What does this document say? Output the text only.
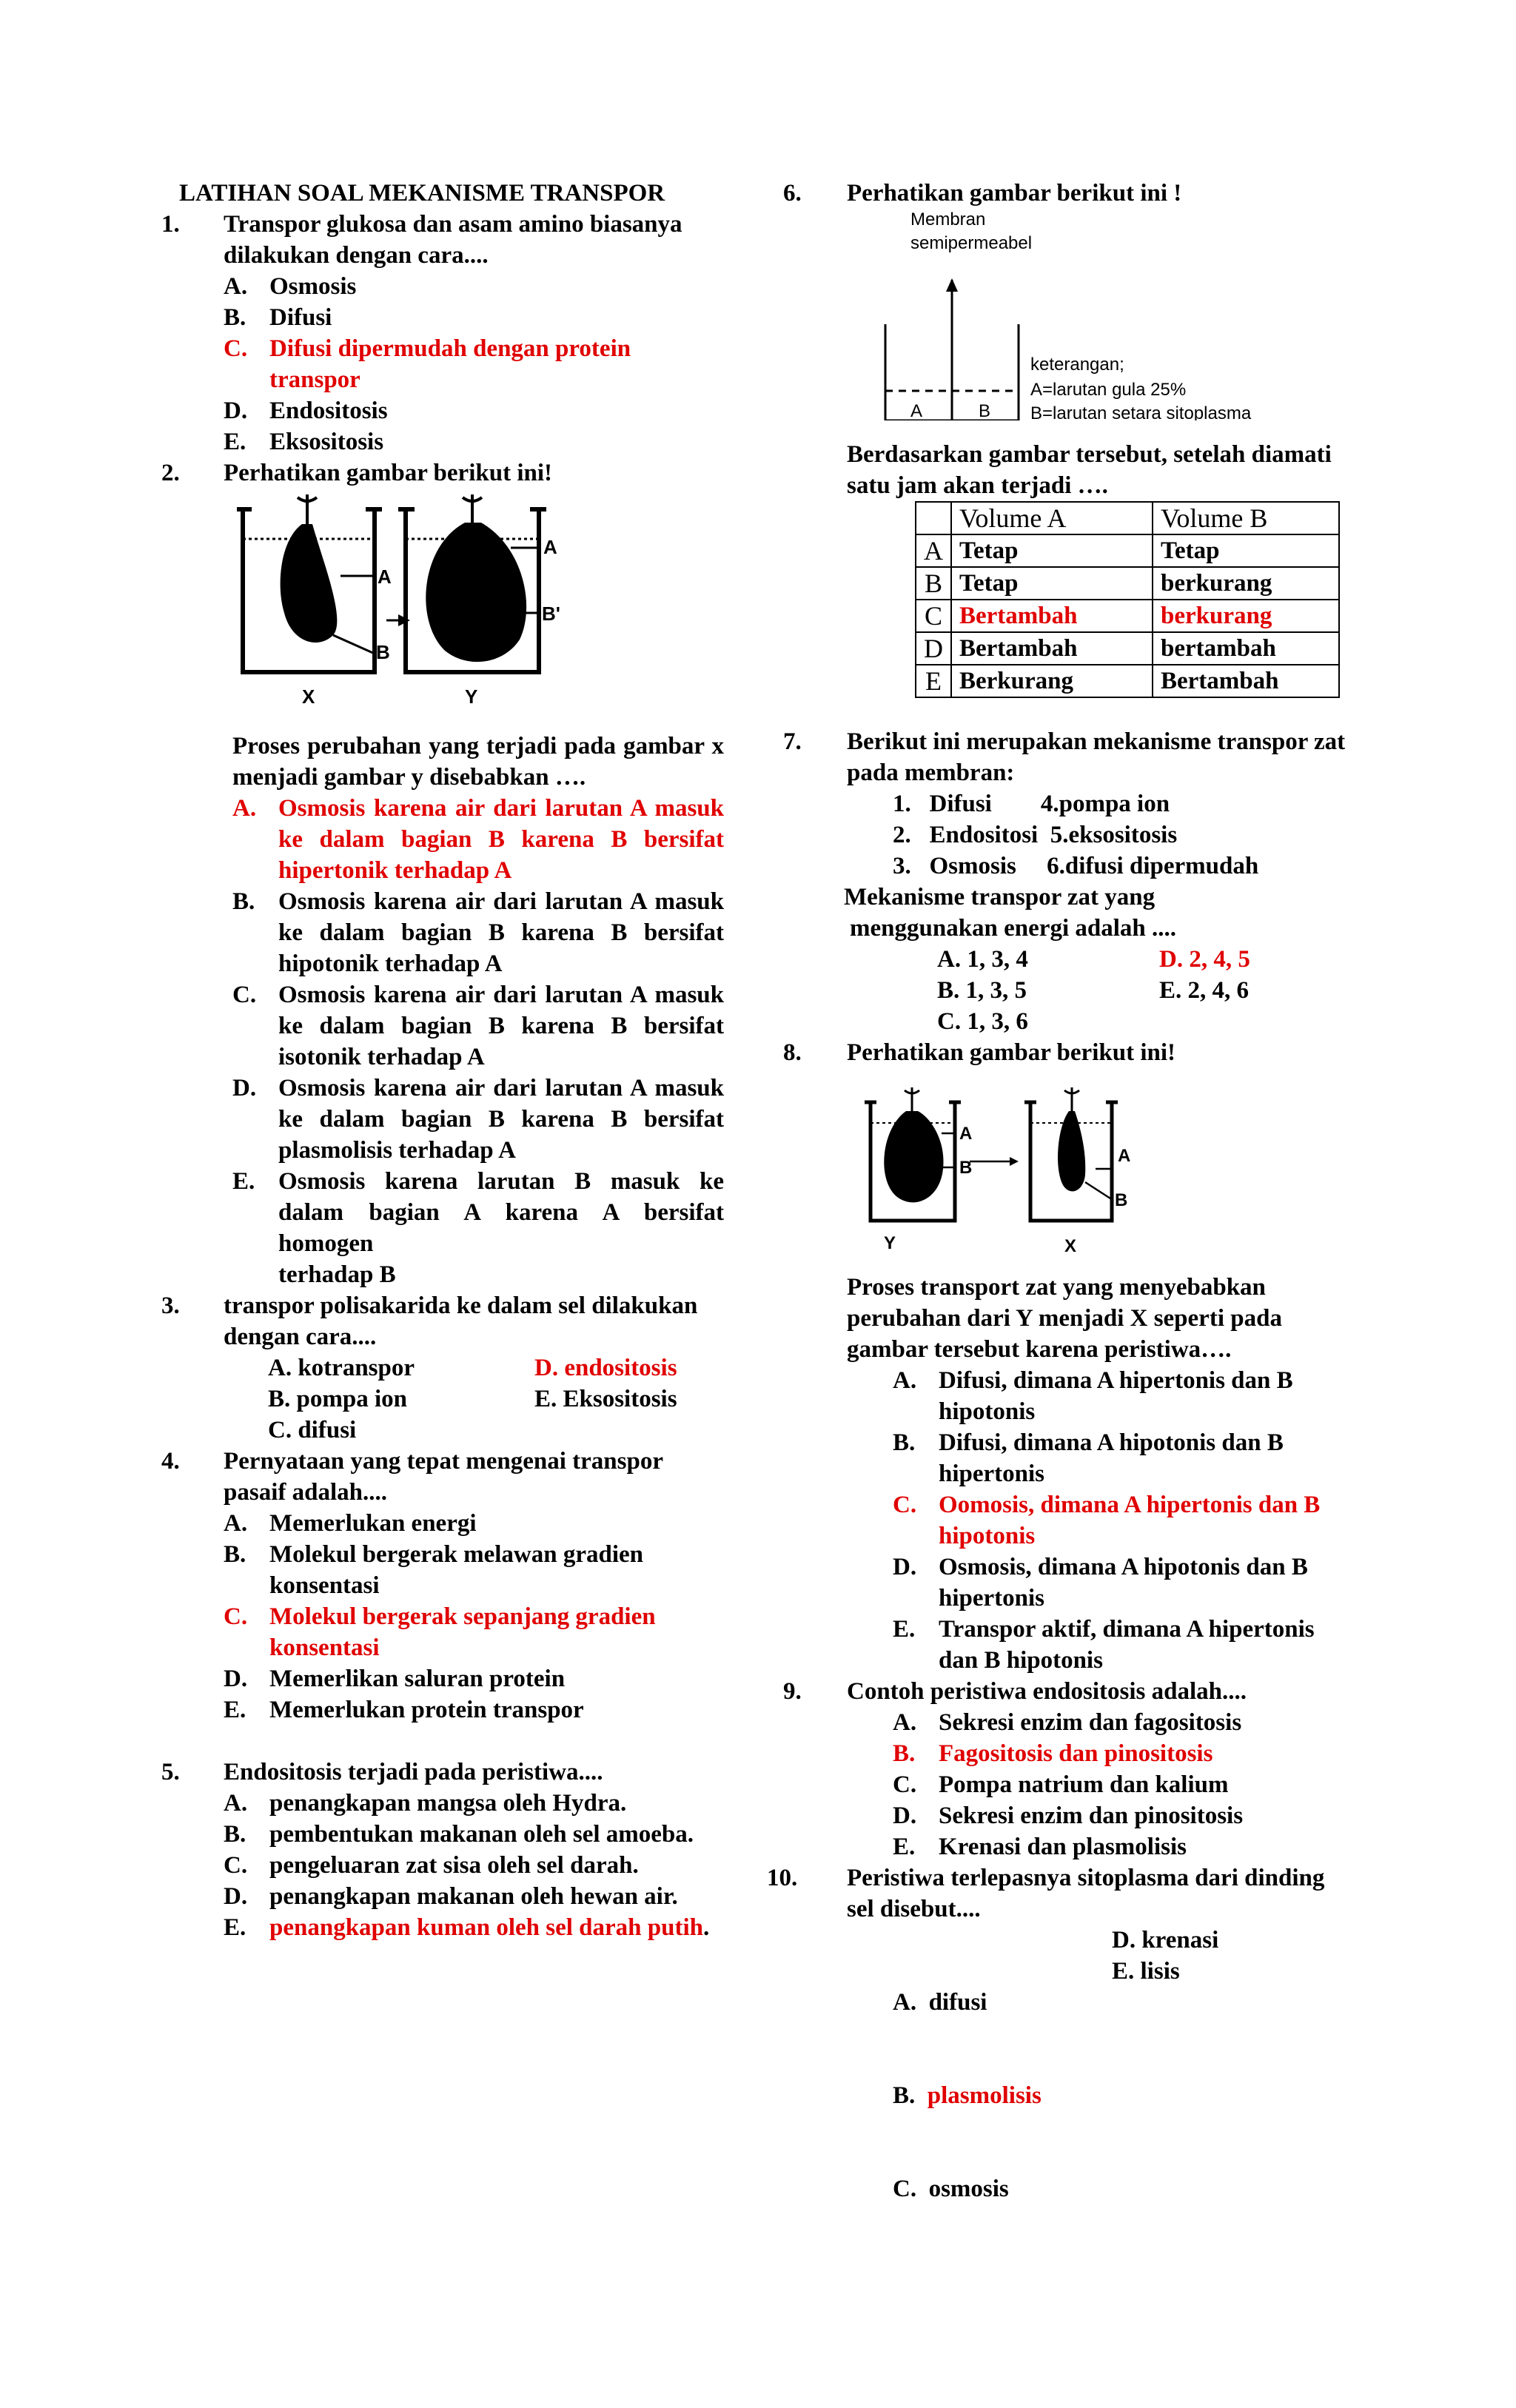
LATIHAN SOAL MEKANISME TRANSPOR
1. Transpor glukosa dan asam amino biasanya dilakukan dengan cara....
A. Osmosis
B. Difusi
C. Difusi dipermudah dengan protein transpor
D. Endositosis
E. Eksositosis
2. Perhatikan gambar berikut ini!
A
B
A
B'
X	Y
Proses perubahan yang terjadi pada gambar x menjadi gambar y disebabkan ….
A. Osmosis karena air dari larutan A masuk ke dalam bagian B karena B bersifat hipertonik terhadap A
B. Osmosis karena air dari larutan A masuk ke dalam bagian B karena B bersifat hipotonik terhadap A
C. Osmosis karena air dari larutan A masuk ke dalam bagian B karena B bersifat isotonik terhadap A
D. Osmosis karena air dari larutan A masuk ke dalam bagian B karena B bersifat plasmolisis terhadap A
E. Osmosis karena larutan B masuk ke dalam bagian A karena A bersifat homogen
terhadap B
3. transpor polisakarida ke dalam sel dilakukan dengan cara....
A. kotranspor
B. pompa ion
C. difusi
D. endositosis
E. Eksositosis
4. Pernyataan yang tepat mengenai transpor pasaif adalah....
A. Memerlukan energi
B. Molekul bergerak melawan gradien konsentasi
C. Molekul bergerak sepanjang gradien konsentasi
D. Memerlikan saluran protein
E. Memerlukan protein transpor
5. Endositosis terjadi pada peristiwa....
A. penangkapan mangsa oleh Hydra.
B. pembentukan makanan oleh sel amoeba.
C. pengeluaran zat sisa oleh sel darah.
D. penangkapan makanan oleh hewan air.
E. penangkapan kuman oleh sel darah putih.
6. Perhatikan gambar berikut ini !
Membran
semipermeabel
A	B
keterangan;
A=larutan gula 25%
B=larutan setara sitoplasma
Berdasarkan gambar tersebut, setelah diamati satu jam akan terjadi ….
	Volume A	Volume B
A	Tetap	Tetap
B	Tetap	berkurang
C	Bertambah	berkurang
D	Bertambah	bertambah
E	Berkurang	Bertambah
7. Berikut ini merupakan mekanisme transpor zat pada membran:
1.   Difusi        4.pompa ion
2.   Endositosi  5.eksositosis
3.   Osmosis     6.difusi dipermudah
Mekanisme transpor zat yang
menggunakan energi adalah ....
A. 1, 3, 4
B. 1, 3, 5
C. 1, 3, 6
D. 2, 4, 5
E. 2, 4, 6
8. Perhatikan gambar berikut ini!
A
B
A
B
Y	X
Proses transport zat yang menyebabkan perubahan dari Y menjadi X seperti pada gambar tersebut karena peristiwa….
A. Difusi, dimana A hipertonis dan B hipotonis
B. Difusi, dimana A hipotonis dan B hipertonis
C. Oomosis, dimana A hipertonis dan B hipotonis
D. Osmosis, dimana A hipotonis dan B hipertonis
E. Transpor aktif, dimana A hipertonis dan B hipotonis
9. Contoh peristiwa endositosis adalah....
A. Sekresi enzim dan fagositosis
B. Fagositosis dan pinositosis
C. Pompa natrium dan kalium
D. Sekresi enzim dan pinositosis
E. Krenasi dan plasmolisis
10. Peristiwa terlepasnya sitoplasma dari dinding sel disebut....

A.  difusi

B. plasmolisis

C.  osmosis

D. krenasi
E. lisis
